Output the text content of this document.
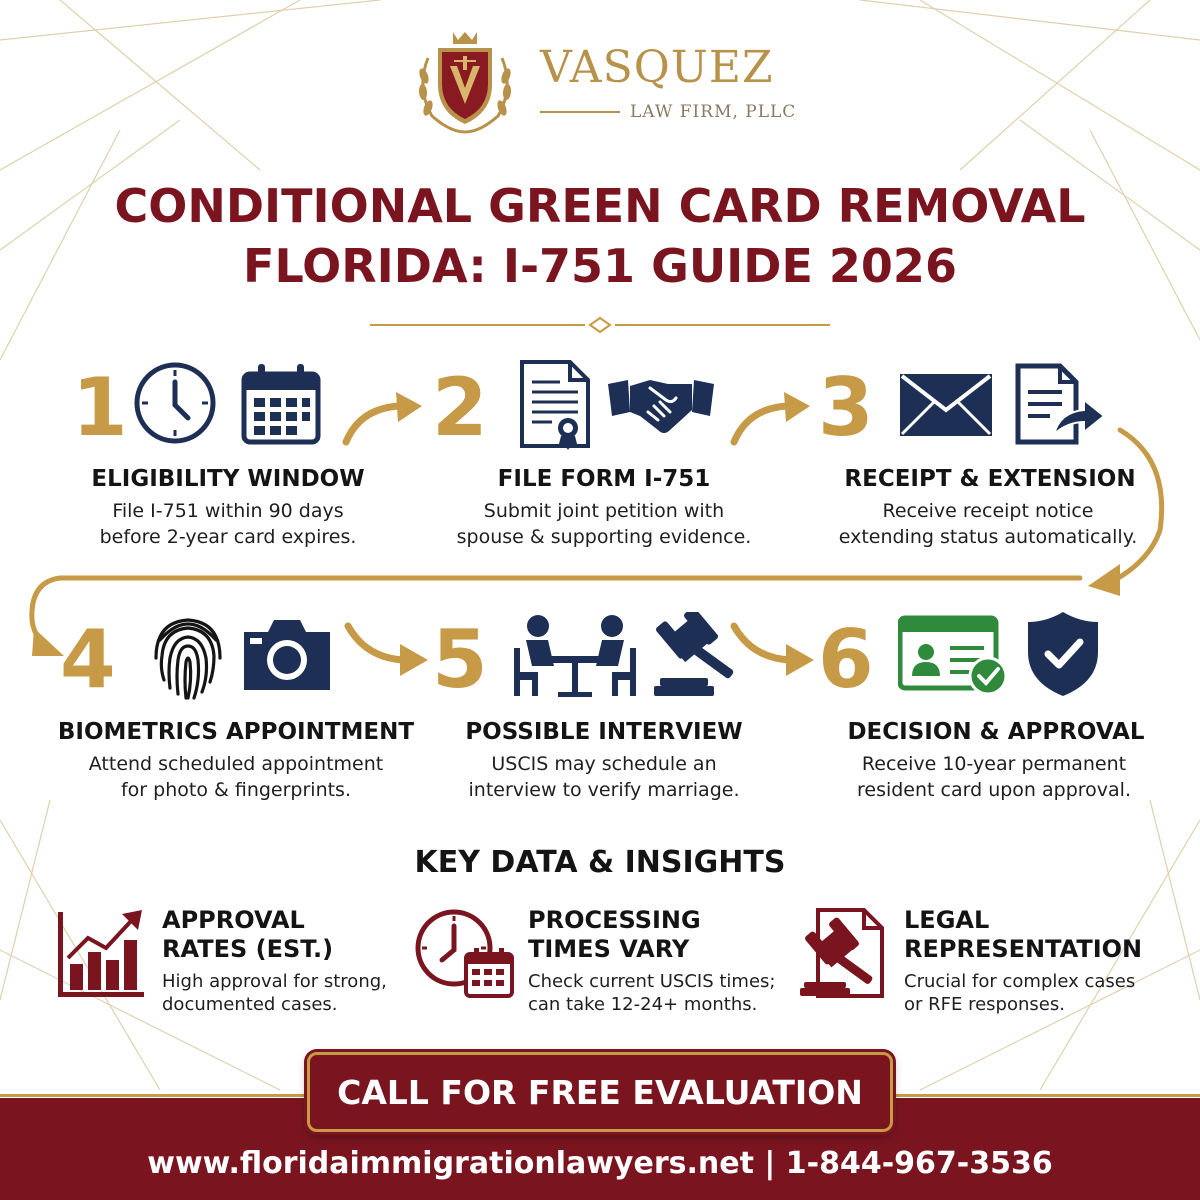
VASQUEZ
LAW FIRM, PLLC
CONDITIONAL GREEN CARD REMOVAL
FLORIDA: I-751 GUIDE 2026
1
ELIGIBILITY WINDOW
File I-751 within 90 days
before 2-year card expires.
2
FILE FORM I-751
Submit joint petition with
spouse & supporting evidence.
3
RECEIPT & EXTENSION
Receive receipt notice
extending status automatically.
4
BIOMETRICS APPOINTMENT
Attend scheduled appointment
for photo & fingerprints.
5
POSSIBLE INTERVIEW
USCIS may schedule an
interview to verify marriage.
6
DECISION & APPROVAL
Receive 10-year permanent
resident card upon approval.
KEY DATA & INSIGHTS
APPROVAL
RATES (EST.)
High approval for strong,
documented cases.
PROCESSING
TIMES VARY
Check current USCIS times;
can take 12-24+ months.
LEGAL
REPRESENTATION
Crucial for complex cases
or RFE responses.
CALL FOR FREE EVALUATION
www.floridaimmigrationlawyers.net | 1-844-967-3536
